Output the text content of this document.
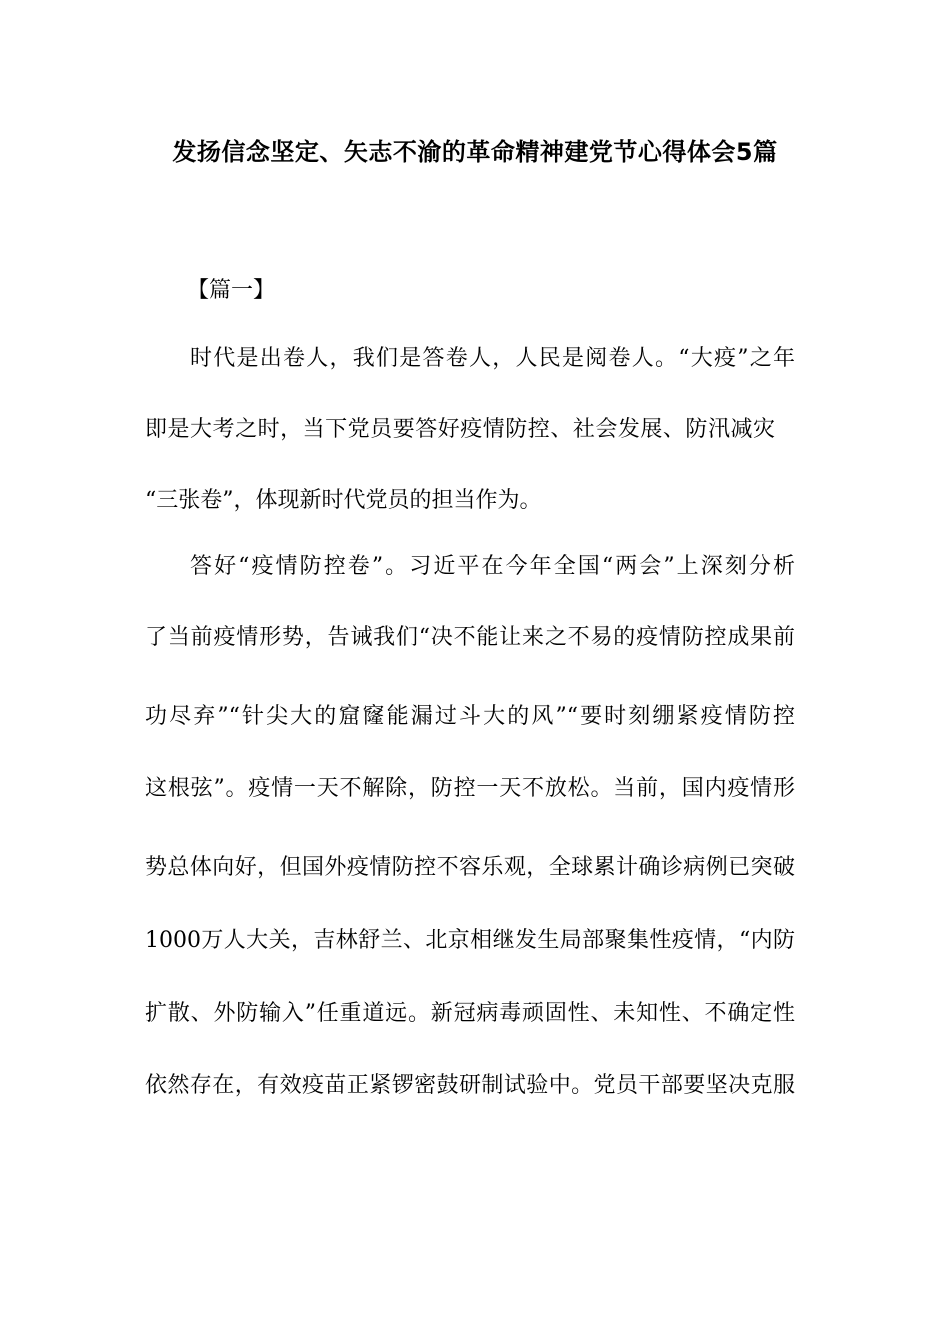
发扬信念坚定、矢志不渝的革命精神建党节心得体会5篇
【篇一】
时代是出卷人，我们是答卷人，人民是阅卷人。“大疫”之年
即是大考之时，当下党员要答好疫情防控、社会发展、防汛减灾
“三张卷”，体现新时代党员的担当作为。
答好“疫情防控卷”。习近平在今年全国“两会”上深刻分析
了当前疫情形势，告诫我们“决不能让来之不易的疫情防控成果前
功尽弃”“针尖大的窟窿能漏过斗大的风”“要时刻绷紧疫情防控
这根弦”。疫情一天不解除，防控一天不放松。当前，国内疫情形
势总体向好，但国外疫情防控不容乐观，全球累计确诊病例已突破
1000万人大关，吉林舒兰、北京相继发生局部聚集性疫情，“内防
扩散、外防输入”任重道远。新冠病毒顽固性、未知性、不确定性
依然存在，有效疫苗正紧锣密鼓研制试验中。党员干部要坚决克服
